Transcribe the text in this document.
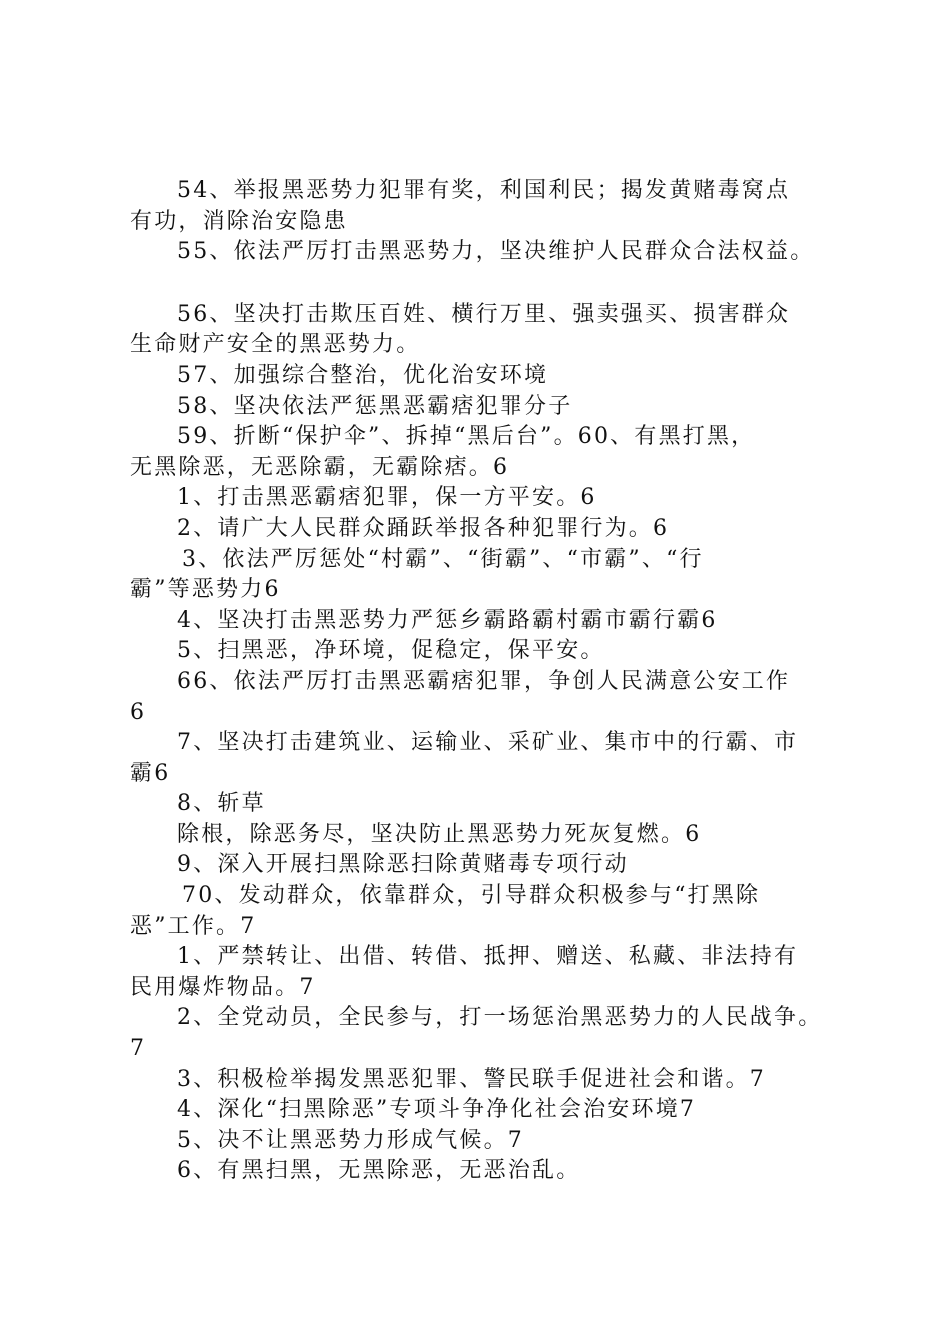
54、举报黑恶势力犯罪有奖，利国利民；揭发黄赌毒窝点
有功，消除治安隐患
55、依法严厉打击黑恶势力，坚决维护人民群众合法权益。
56、坚决打击欺压百姓、横行万里、强卖强买、损害群众
生命财产安全的黑恶势力。
57、加强综合整治，优化治安环境
58、坚决依法严惩黑恶霸痞犯罪分子
59、折断“保护伞”、拆掉“黑后台”。60、有黑打黑，
无黑除恶，无恶除霸，无霸除痞。6
1、打击黑恶霸痞犯罪，保一方平安。6
2、请广大人民群众踊跃举报各种犯罪行为。6
3、依法严厉惩处“村霸”、“街霸”、“市霸”、“行
霸”等恶势力6
4、坚决打击黑恶势力严惩乡霸路霸村霸市霸行霸6
5、扫黑恶，净环境，促稳定，保平安。
66、依法严厉打击黑恶霸痞犯罪，争创人民满意公安工作
6
7、坚决打击建筑业、运输业、采矿业、集市中的行霸、市
霸6
8、斩草
除根，除恶务尽，坚决防止黑恶势力死灰复燃。6
9、深入开展扫黑除恶扫除黄赌毒专项行动
70、发动群众，依靠群众，引导群众积极参与“打黑除
恶”工作。7
1、严禁转让、出借、转借、抵押、赠送、私藏、非法持有
民用爆炸物品。7
2、全党动员，全民参与，打一场惩治黑恶势力的人民战争。
7
3、积极检举揭发黑恶犯罪、警民联手促进社会和谐。7
4、深化“扫黑除恶”专项斗争净化社会治安环境7
5、决不让黑恶势力形成气候。7
6、有黑扫黑，无黑除恶，无恶治乱。
